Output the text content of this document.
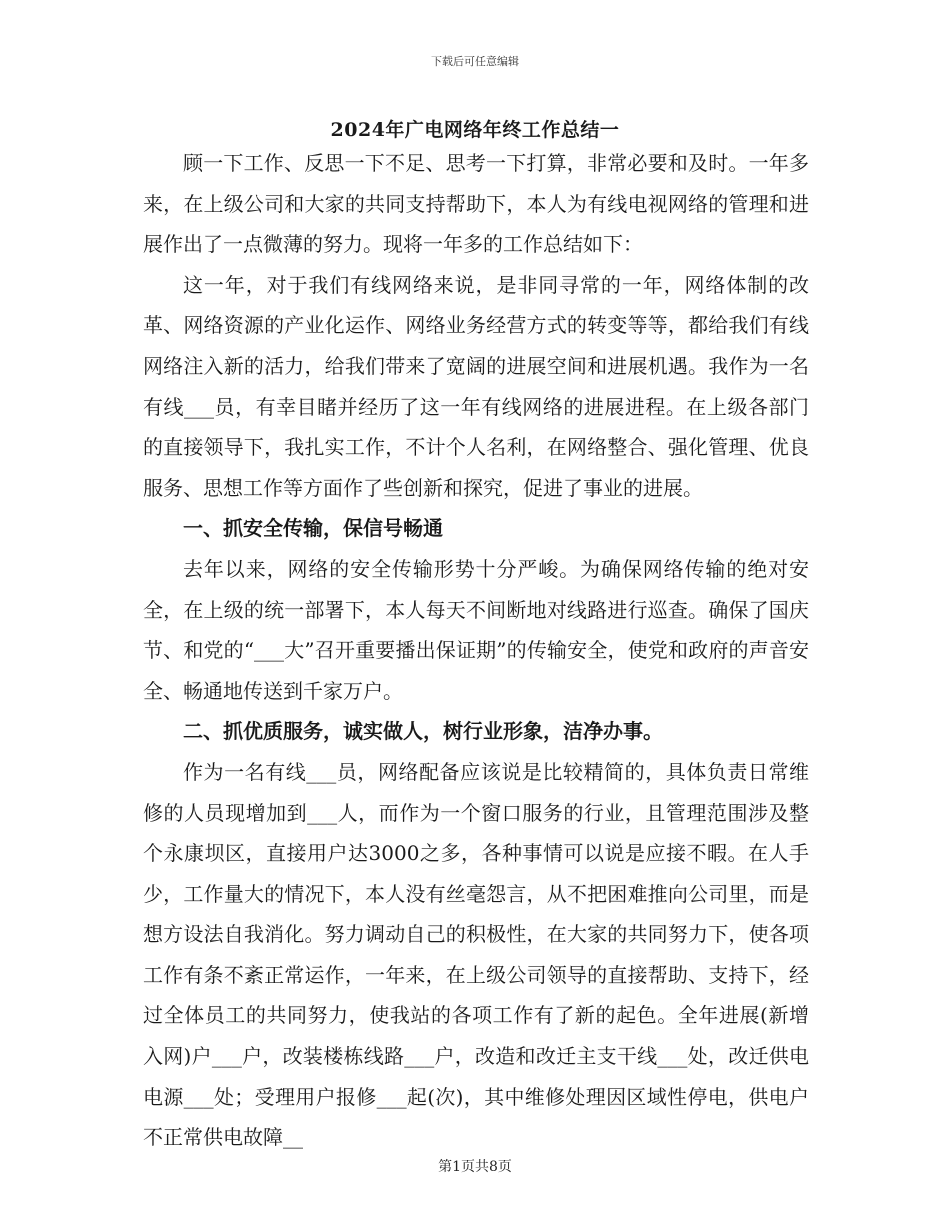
下载后可任意编辑
2024年广电网络年终工作总结一

顾一下工作、反思一下不足、思考一下打算，非常必要和及时。一年多来，在上级公司和大家的共同支持帮助下，本人为有线电视网络的管理和进展作出了一点微薄的努力。现将一年多的工作总结如下：

这一年，对于我们有线网络来说，是非同寻常的一年，网络体制的改革、网络资源的产业化运作、网络业务经营方式的转变等等，都给我们有线网络注入新的活力，给我们带来了宽阔的进展空间和进展机遇。我作为一名有线___员，有幸目睹并经历了这一年有线网络的进展进程。在上级各部门的直接领导下，我扎实工作，不计个人名利，在网络整合、强化管理、优良服务、思想工作等方面作了些创新和探究，促进了事业的进展。

一、抓安全传输，保信号畅通

去年以来，网络的安全传输形势十分严峻。为确保网络传输的绝对安全，在上级的统一部署下，本人每天不间断地对线路进行巡查。确保了国庆节、和党的“___大”召开重要播出保证期”的传输安全，使党和政府的声音安全、畅通地传送到千家万户。

二、抓优质服务，诚实做人，树行业形象，洁净办事。

作为一名有线___员，网络配备应该说是比较精简的，具体负责日常维修的人员现增加到___人，而作为一个窗口服务的行业，且管理范围涉及整个永康坝区，直接用户达3000之多，各种事情可以说是应接不暇。在人手少，工作量大的情况下，本人没有丝毫怨言，从不把困难推向公司里，而是想方设法自我消化。努力调动自己的积极性，在大家的共同努力下，使各项工作有条不紊正常运作，一年来，在上级公司领导的直接帮助、支持下，经过全体员工的共同努力，使我站的各项工作有了新的起色。全年进展(新增入网)户___户，改装楼栋线路___户，改造和改迁主支干线___处，改迁供电电源___处；受理用户报修___起(次)，其中维修处理因区域性停电，供电户不正常供电故障__

第1页共8页
